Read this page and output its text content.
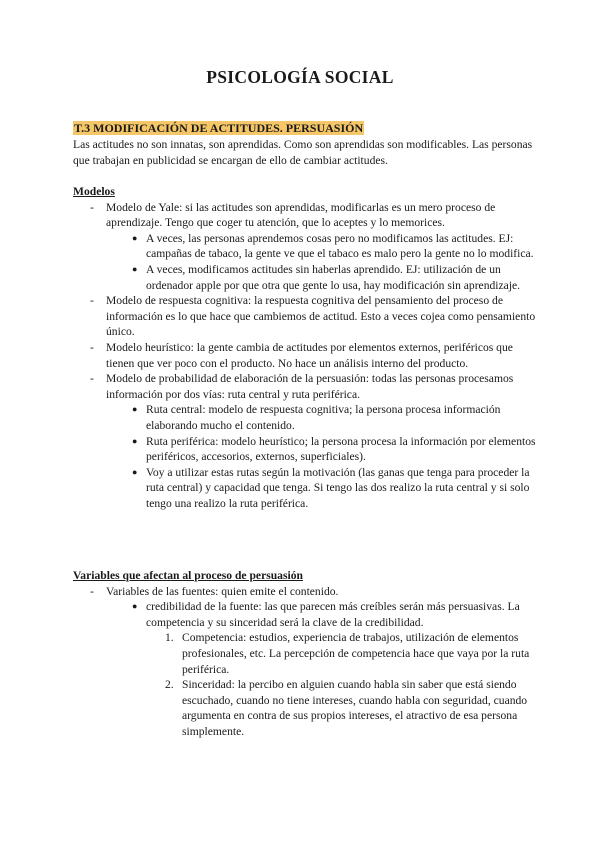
PSICOLOGÍA SOCIAL
T.3 MODIFICACIÓN DE ACTITUDES. PERSUASIÓN

Las actitudes no son innatas, son aprendidas. Como son aprendidas son modificables. Las personas que trabajan en publicidad se encargan de ello de cambiar actitudes.

Modelos

- Modelo de Yale: si las actitudes son aprendidas, modificarlas es un mero proceso de aprendizaje. Tengo que coger tu atención, que lo aceptes y lo memorices.
● A veces, las personas aprendemos cosas pero no modificamos las actitudes. EJ: campañas de tabaco, la gente ve que el tabaco es malo pero la gente no lo modifica.
● A veces, modificamos actitudes sin haberlas aprendido. EJ: utilización de un ordenador apple por que otra que gente lo usa, hay modificación sin aprendizaje.
- Modelo de respuesta cognitiva: la respuesta cognitiva del pensamiento del proceso de información es lo que hace que cambiemos de actitud. Esto a veces cojea como pensamiento único.
- Modelo heurístico: la gente cambia de actitudes por elementos externos, periféricos que tienen que ver poco con el producto. No hace un análisis interno del producto.
- Modelo de probabilidad de elaboración de la persuasión: todas las personas procesamos información por dos vías: ruta central y ruta periférica.
● Ruta central: modelo de respuesta cognitiva; la persona procesa información elaborando mucho el contenido.
● Ruta periférica: modelo heurístico; la persona procesa la información por elementos periféricos, accesorios, externos, superficiales).
● Voy a utilizar estas rutas según la motivación (las ganas que tenga para proceder la ruta central) y capacidad que tenga. Si tengo las dos realizo la ruta central y si solo tengo una realizo la ruta periférica.

Variables que afectan al proceso de persuasión

- Variables de las fuentes: quien emite el contenido.
● credibilidad de la fuente: las que parecen más creíbles serán más persuasivas. La competencia y su sinceridad será la clave de la credibilidad.
1. Competencia: estudios, experiencia de trabajos, utilización de elementos profesionales, etc. La percepción de competencia hace que vaya por la ruta periférica.
2. Sinceridad: la percibo en alguien cuando habla sin saber que está siendo escuchado, cuando no tiene intereses, cuando habla con seguridad, cuando argumenta en contra de sus propios intereses, el atractivo de esa persona simplemente.
